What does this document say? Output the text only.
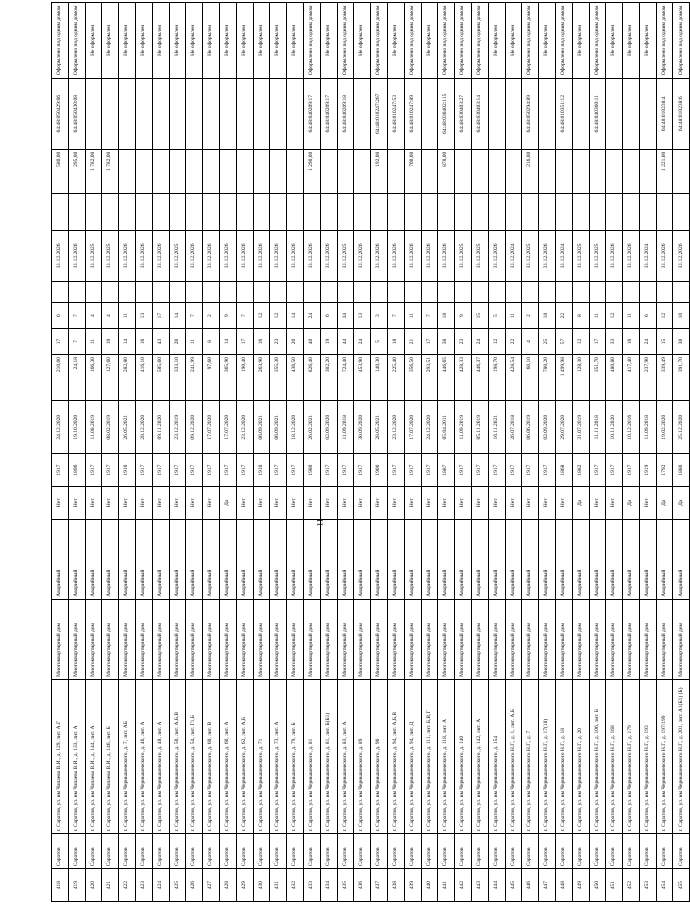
11
418	Саратов	г. Саратов, ул. им Чапаева В.И., д. 129, лит. А.Г	Многоквартирный дом	Аварийный	Нет	1917	24.12.2020	210,60	17	6		31.12.2026		580,00	64:48:050429:06	Оформлено под одним домом
419	Саратов	г. Саратов, ул. им Чапаева В.И., д. 133, лит. А	Многоквартирный дом	Аварийный	Нет	1896	19.10.2020	24,18	7	7		31.12.2026		295,00	64:48:050430:08	Оформлено под одним домом
420	Саратов	г. Саратов, ул. им Чапаева В.И., д. 144, лит. А	Многоквартирный дом	Аварийный	Нет	1917	11.08.2019	166,30	11	4		31.12.2025		1 782,00		Не оформлен
421	Саратов	г. Саратов, ул. им Чапаева В.И., д. 146, лит. Б	Многоквартирный дом	Аварийный	Нет	1917	08.02.2019	127,60	10	4		31.12.2025		1 782,00		Не оформлен
422	Саратов	г. Саратов, ул. им Чернышевского, д. 7, лит. АБ	Многоквартирный дом	Аварийный	Нет	1910	26.05.2021	282,80	14	11		31.12.2026				Не оформлен
423	Саратов	г. Саратов, ул. им Чернышевского, д. 46, лит. А	Многоквартирный дом	Аварийный	Нет	1917	28.12.2020	416,10	16	13		31.12.2026				Не оформлен
424	Саратов	г. Саратов, ул. им Чернышевского, д. 48, лит. А	Многоквартирный дом	Аварийный	Нет	1917	09.11.2020	585,60	43	17		31.12.2026				Не оформлен
425	Саратов	г. Саратов, ул. им Чернышевского, д. 50, лит. А,Б,В	Многоквартирный дом	Аварийный	Нет	1917	23.12.2019	333,10	20	14		31.12.2025				Не оформлен
426	Саратов	г. Саратов, ул. им Чернышевского, д. 54, лит. Г1,Б	Многоквартирный дом	Аварийный	Нет	1917	09.12.2020	241,99	11	7		31.12.2026				Не оформлен
427	Саратов	г. Саратов, ул. им Чернышевского, д. 60, лит. В	Многоквартирный дом	Аварийный	Нет	1917	17.07.2020	97,60	8	2		31.12.2026				Не оформлен
428	Саратов	г. Саратов, ул. им Чернышевского, д. 60, лит. А	Многоквартирный дом	Аварийный	Да	1917	17.07.2020	365,90	14	9		31.12.2026				Не оформлен
429	Саратов	г. Саратов, ул. им Чернышевского, д. 62, лит. А,Б	Многоквартирный дом	Аварийный	Нет	1917	23.12.2020	190,40	17	7		31.12.2026				Не оформлен
430	Саратов	г. Саратов, ул. им Чернышевского, д. 71	Многоквартирный дом	Аварийный	Нет	1910	06.09.2021	263,90	16	12		31.12.2026				Не оформлен
431	Саратов	г. Саратов, ул. им Чернышевского, д. 73, лит. А	Многоквартирный дом	Аварийный	Нет	1917	06.09.2021	355,30	23	12		31.12.2026				Не оформлен
432	Саратов	г. Саратов, ул. им Чернышевского, д. 79, лит. Б	Многоквартирный дом	Аварийный	Нет	1917	18.12.2020	436,50	20	14		31.12.2026				Не оформлен
433	Саратов	г. Саратов, ул. им Чернышевского, д. 81	Многоквартирный дом	Аварийный	Нет	1980	26.02.2021	826,40	40	24		31.12.2026		1 290,00	64:48:040209:17	Оформлено под одним домом
434	Саратов	г. Саратов, ул. им Чернышевского, д. 81, лит. Б(Б1)	Многоквартирный дом	Аварийный	Нет	1917	02.09.2020	302,20	19	6		31.12.2026			64:48:040209:17	Не оформлен
435	Саратов	г. Саратов, ул. им Чернышевского, д. 83, лит. А	Многоквартирный дом	Аварийный	Нет	1917	11.09.2018	724,40	44	34		31.12.2025			64:48:040209:18	Оформлено под одним домом
436	Саратов	г. Саратов, ул. им Чернышевского, д. 89	Многоквартирный дом	Аварийный	Нет	1917	30.09.2020	453,90	24	13		31.12.2026				Не оформлен
437	Саратов	г. Саратов, ул. им Чернышевского, д. 90	Многоквартирный дом	Аварийный	Нет	1900	28.05.2021	140,30	5	3		31.12.2026		192,00	64:48:010247:267	Оформлено под одним домом
438	Саратов	г. Саратов, ул. им Чернышевского, д. 94, лит. А,Б,В	Многоквартирный дом	Аварийный	Нет	1917	23.12.2020	225,40	18	7		31.12.2026			64:48:010247:53	Не оформлен
439	Саратов	г. Саратов, ул. им Чернышевского, д. 94, лит. Д	Многоквартирный дом	Аварийный	Нет	1917	17.07.2020	356,50	21	11		31.12.2026		700,00	64:48:010247:89	Оформлено под одним домом
440	Саратов	г. Саратов, ул. им Чернышевского, д. 111, лит. Б,В,Г	Многоквартирный дом	Аварийный	Нет	1917	24.12.2020	293,51	17	7		31.12.2026				Не оформлен
441	Саратов	г. Саратов, ул. им Чернышевского, д. 118, лит. А	Многоквартирный дом	Аварийный	Нет	1887	05.04.2011	446,65	38	18		31.12.2026		878,00	64:48:030402:115	Оформлено под одним домом
442	Саратов	г. Саратов, ул. им Чернышевского, д. 140	Многоквартирный дом	Аварийный	Нет	1917	11.09.2019	428,33	23	9		31.12.2025			64:48:030403:27	Оформлено под одним домом
443	Саратов	г. Саратов, ул. им Чернышевского, д. 142, лит. А	Многоквартирный дом	Аварийный	Нет	1917	05.11.2019	446,37	24	15		31.12.2025			64:48:030403:14	Оформлено под одним домом
444	Саратов	г. Саратов, ул. им Чернышевского, д. 154	Многоквартирный дом	Аварийный	Нет	1917	16.11.2021	198,70	12	5		31.12.2026				Не оформлен
445	Саратов	г. Саратов, ул. им Чернышевского Н.Г., д. 1, лит. А,Б	Многоквартирный дом	Аварийный	Нет	1917	26.07.2018	428,54	22	11		31.12.2024				Не оформлен
446	Саратов	г. Саратов, ул. им Чернышевского Н.Г., д. 7	Многоквартирный дом	Аварийный	Нет	1917	06.06.2019	60,10	4	2		31.12.2025		216,00	64:48:050294:89	Оформлено под одним домом
447	Саратов	г. Саратов, ул. им Чернышевского Н.Г., д. 17(18)	Многоквартирный дом	Аварийный	Нет	1917	02.09.2020	780,20	25	18		31.12.2026				Не оформлен
448	Саратов	г. Саратов, ул. им Чернышевского Н.Г., д. 18	Многоквартирный дом	Аварийный	Нет	1868	29.07.2020	1 499,98	57	22		31.12.2024			64:48:010351:12	Оформлено под одним домом
449	Саратов	г. Саратов, ул. им Чернышевского Н.Г., д. 20	Многоквартирный дом	Аварийный	Да	1882	31.07.2019	128,30	12	8		31.12.2025				Не оформлен
450	Саратов	г. Саратов, ул. им Чернышевского Н.Г., д. 106, лит. Б	Многоквартирный дом	Аварийный	Нет	1917	11.11.2018	351,70	17	11		31.12.2025			64:48:040360:11	Оформлено под одним домом
451	Саратов	г. Саратов, ул. им Чернышевского Н.Г., д. 168	Многоквартирный дом	Аварийный	Нет	1917	10.11.2020	480,80	33	12		31.12.2026				Не оформлен
452	Саратов	г. Саратов, ул. им Чернышевского Н.Г., д. 179	Многоквартирный дом	Аварийный	Да	1917	10.12.2016	417,40	16	11		31.12.2026				Не оформлен
453	Саратов	г. Саратов, ул. им Чернышевского Н.Г., д. 193	Многоквартирный дом	Аварийный	Нет	1919	11.09.2018	237,90	24	6		31.12.2024				Не оформлен
454	Саратов	г. Саратов, ул. им Чернышевского Н.Г., д. 197/199	Многоквартирный дом	Аварийный	Да	1792	19.02.2020	339,49	15	12		31.12.2026		1 221,00	64:48:010238:4	Оформлено под одним домом
455	Саратов	г. Саратов, ул. им Чернышевского Н.Г., д. 201, лит. А1(Б1) (Б)	Многоквартирный дом	Аварийный	Да	1880	25.12.2020	391,70	30	10		31.12.2026			64:48:010238:6	Оформлено под одним домом
